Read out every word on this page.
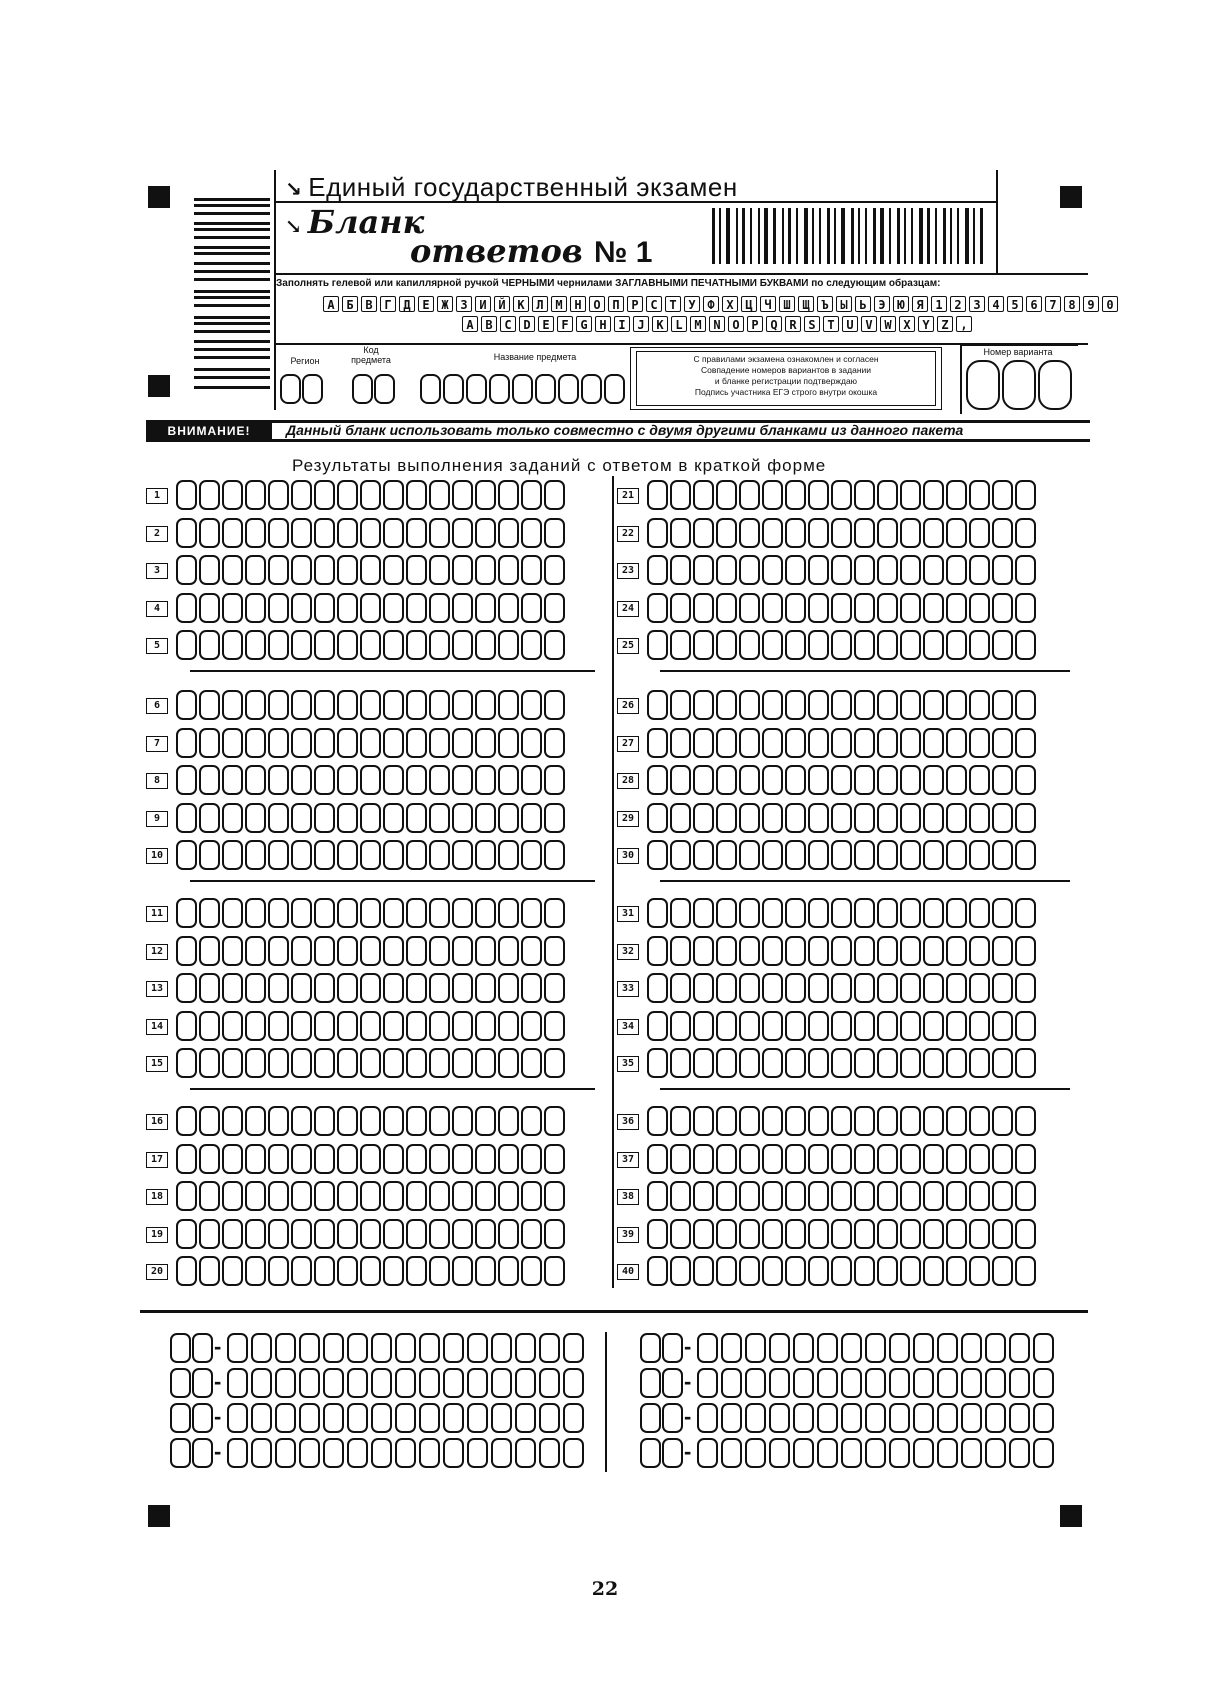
↘ Единый государственный экзамен
↘ Бланк
ответов № 1
Заполнять гелевой или капиллярной ручкой ЧЕРНЫМИ чернилами ЗАГЛАВНЫМИ ПЕЧАТНЫМИ БУКВАМИ по следующим образцам:
А Б В Г Д Е Ж З И Й К Л М Н О П Р С Т У Ф Х Ц Ч Ш Щ Ъ Ы Ь Э Ю Я 1 2 3 4 5 6 7 8 9 0
A B C D E F G H I J K L M N O P Q R S T U V W X Y Z ,
Регион
Код предмета	Название предмета	Номер варианта
С правилами экзамена ознакомлен и согласен
Совпадение номеров вариантов в задании
и бланке регистрации подтверждаю
Подпись участника ЕГЭ строго внутри окошка
ВНИМАНИЕ!	Данный бланк использовать только совместно с двумя другими бланками из данного пакета
Результаты выполнения заданий с ответом в краткой форме
1
2
3
4
5
6
7
8
9
10
11
12
13
14
15
16
17
18
19
20
21
22
23
24
25
26
27
28
29
30
31
32
33
34
35
36
37
38
39
40
-
-
-
-
-
-
-
-
22
